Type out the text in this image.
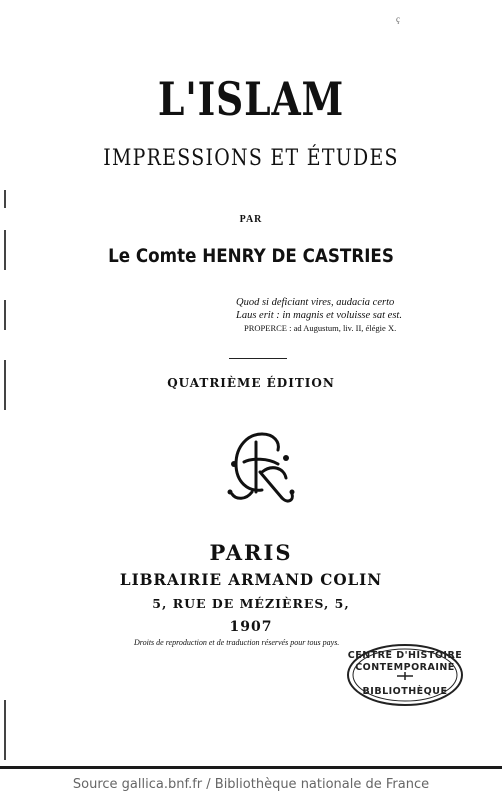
ç
L'ISLAM
IMPRESSIONS ET ÉTUDES
PAR
Le Comte HENRY DE CASTRIES
Quod si deficiant vires, audacia certo
Laus erit : in magnis et voluisse sat est.
PROPERCE : ad Augustum, liv. II, élégie X.
QUATRIÈME ÉDITION
PARIS
LIBRAIRIE ARMAND COLIN
5, RUE DE MÉZIÈRES, 5,
1907
Droits de reproduction et de traduction réservés pour tous pays.
CENTRE D'HISTOIRE
CONTEMPORAINE
BIBLIOTHÈQUE
Source gallica.bnf.fr / Bibliothèque nationale de France
